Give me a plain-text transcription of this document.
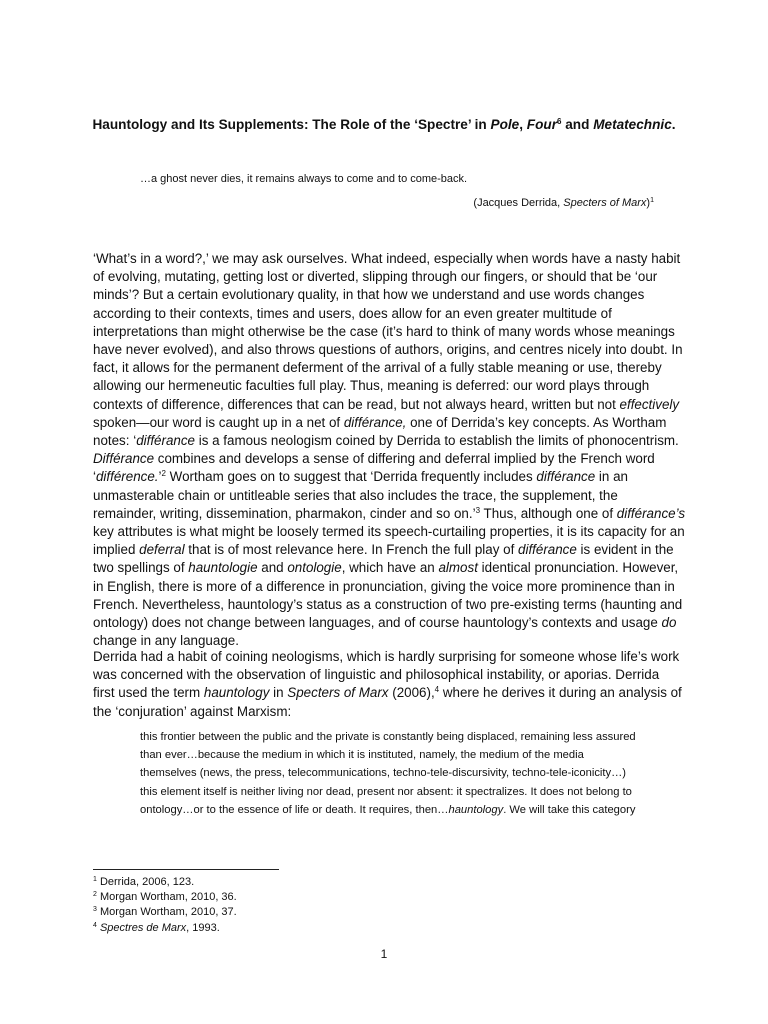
Hauntology and Its Supplements: The Role of the ‘Spectre’ in Pole, Four$^6$ and Metatechnic.
…a ghost never dies, it remains always to come and to come-back.
(Jacques Derrida, Specters of Marx)$^1$
‘What’s in a word?,’ we may ask ourselves. What indeed, especially when words have a nasty habit
of evolving, mutating, getting lost or diverted, slipping through our fingers, or should that be ‘our
minds’? But a certain evolutionary quality, in that how we understand and use words changes
according to their contexts, times and users, does allow for an even greater multitude of
interpretations than might otherwise be the case (it’s hard to think of many words whose meanings
have never evolved), and also throws questions of authors, origins, and centres nicely into doubt. In
fact, it allows for the permanent deferment of the arrival of a fully stable meaning or use, thereby
allowing our hermeneutic faculties full play. Thus, meaning is deferred: our word plays through
contexts of difference, differences that can be read, but not always heard, written but not effectively
spoken—our word is caught up in a net of différance, one of Derrida’s key concepts. As Wortham
notes: ‘différance is a famous neologism coined by Derrida to establish the limits of phonocentrism.
Différance combines and develops a sense of differing and deferral implied by the French word
‘différence.’$^2$ Wortham goes on to suggest that ‘Derrida frequently includes différance in an
unmasterable chain or untitleable series that also includes the trace, the supplement, the
remainder, writing, dissemination, pharmakon, cinder and so on.’$^3$ Thus, although one of différance’s
key attributes is what might be loosely termed its speech-curtailing properties, it is its capacity for an
implied deferral that is of most relevance here. In French the full play of différance is evident in the
two spellings of hauntologie and ontologie, which have an almost identical pronunciation. However,
in English, there is more of a difference in pronunciation, giving the voice more prominence than in
French. Nevertheless, hauntology’s status as a construction of two pre-existing terms (haunting and
ontology) does not change between languages, and of course hauntology’s contexts and usage do
change in any language.
Derrida had a habit of coining neologisms, which is hardly surprising for someone whose life’s work
was concerned with the observation of linguistic and philosophical instability, or aporias. Derrida
first used the term hauntology in Specters of Marx (2006),$^4$ where he derives it during an analysis of
the ‘conjuration’ against Marxism:
this frontier between the public and the private is constantly being displaced, remaining less assured
than ever…because the medium in which it is instituted, namely, the medium of the media
themselves (news, the press, telecommunications, techno-tele-discursivity, techno-tele-iconicity…)
this element itself is neither living nor dead, present nor absent: it spectralizes. It does not belong to
ontology…or to the essence of life or death. It requires, then…hauntology. We will take this category
$^1$ Derrida, 2006, 123.
$^2$ Morgan Wortham, 2010, 36.
$^3$ Morgan Wortham, 2010, 37.
$^4$ Spectres de Marx, 1993.
1
